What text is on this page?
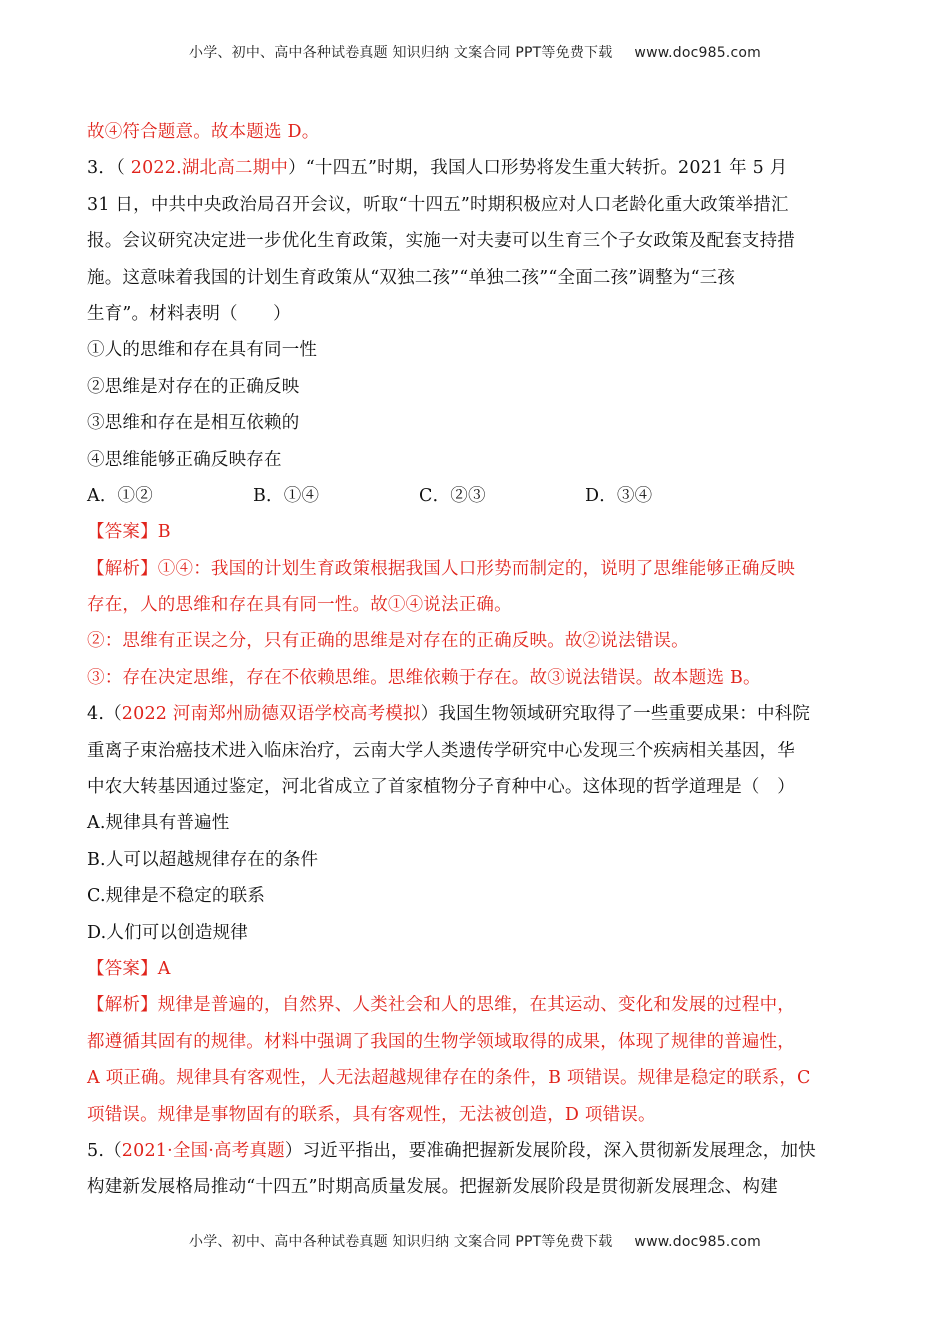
小学、初中、高中各种试卷真题 知识归纳 文案合同 PPT等免费下载 www.doc985.com
故④符合题意。故本题选 D。
3．（ 2022.湖北高二期中）“十四五”时期，我国人口形势将发生重大转折。2021 年 5 月
31 日，中共中央政治局召开会议，听取“十四五”时期积极应对人口老龄化重大政策举措汇
报。会议研究决定进一步优化生育政策，实施一对夫妻可以生育三个子女政策及配套支持措
施。这意味着我国的计划生育政策从“双独二孩”“单独二孩”“全面二孩”调整为“三孩
生育”。材料表明（　　）
①人的思维和存在具有同一性
②思维是对存在的正确反映
③思维和存在是相互依赖的
④思维能够正确反映存在
A．①②	B．①④	C．②③	D．③④
【答案】B
【解析】①④：我国的计划生育政策根据我国人口形势而制定的，说明了思维能够正确反映
存在，人的思维和存在具有同一性。故①④说法正确。
②：思维有正误之分，只有正确的思维是对存在的正确反映。故②说法错误。
③：存在决定思维，存在不依赖思维。思维依赖于存在。故③说法错误。故本题选 B。
4.（2022 河南郑州励德双语学校高考模拟）我国生物领域研究取得了一些重要成果：中科院
重离子束治癌技术进入临床治疗，云南大学人类遗传学研究中心发现三个疾病相关基因，华
中农大转基因通过鉴定，河北省成立了首家植物分子育种中心。这体现的哲学道理是（　）
A.规律具有普遍性
B.人可以超越规律存在的条件
C.规律是不稳定的联系
D.人们可以创造规律
【答案】A
【解析】规律是普遍的，自然界、人类社会和人的思维，在其运动、变化和发展的过程中，
都遵循其固有的规律。材料中强调了我国的生物学领域取得的成果，体现了规律的普遍性，
A 项正确。规律具有客观性，人无法超越规律存在的条件，B 项错误。规律是稳定的联系，C
项错误。规律是事物固有的联系，具有客观性，无法被创造，D 项错误。
5.（2021·全国·高考真题）习近平指出，要准确把握新发展阶段，深入贯彻新发展理念，加快
构建新发展格局推动“十四五”时期高质量发展。把握新发展阶段是贯彻新发展理念、构建
小学、初中、高中各种试卷真题 知识归纳 文案合同 PPT等免费下载 www.doc985.com
